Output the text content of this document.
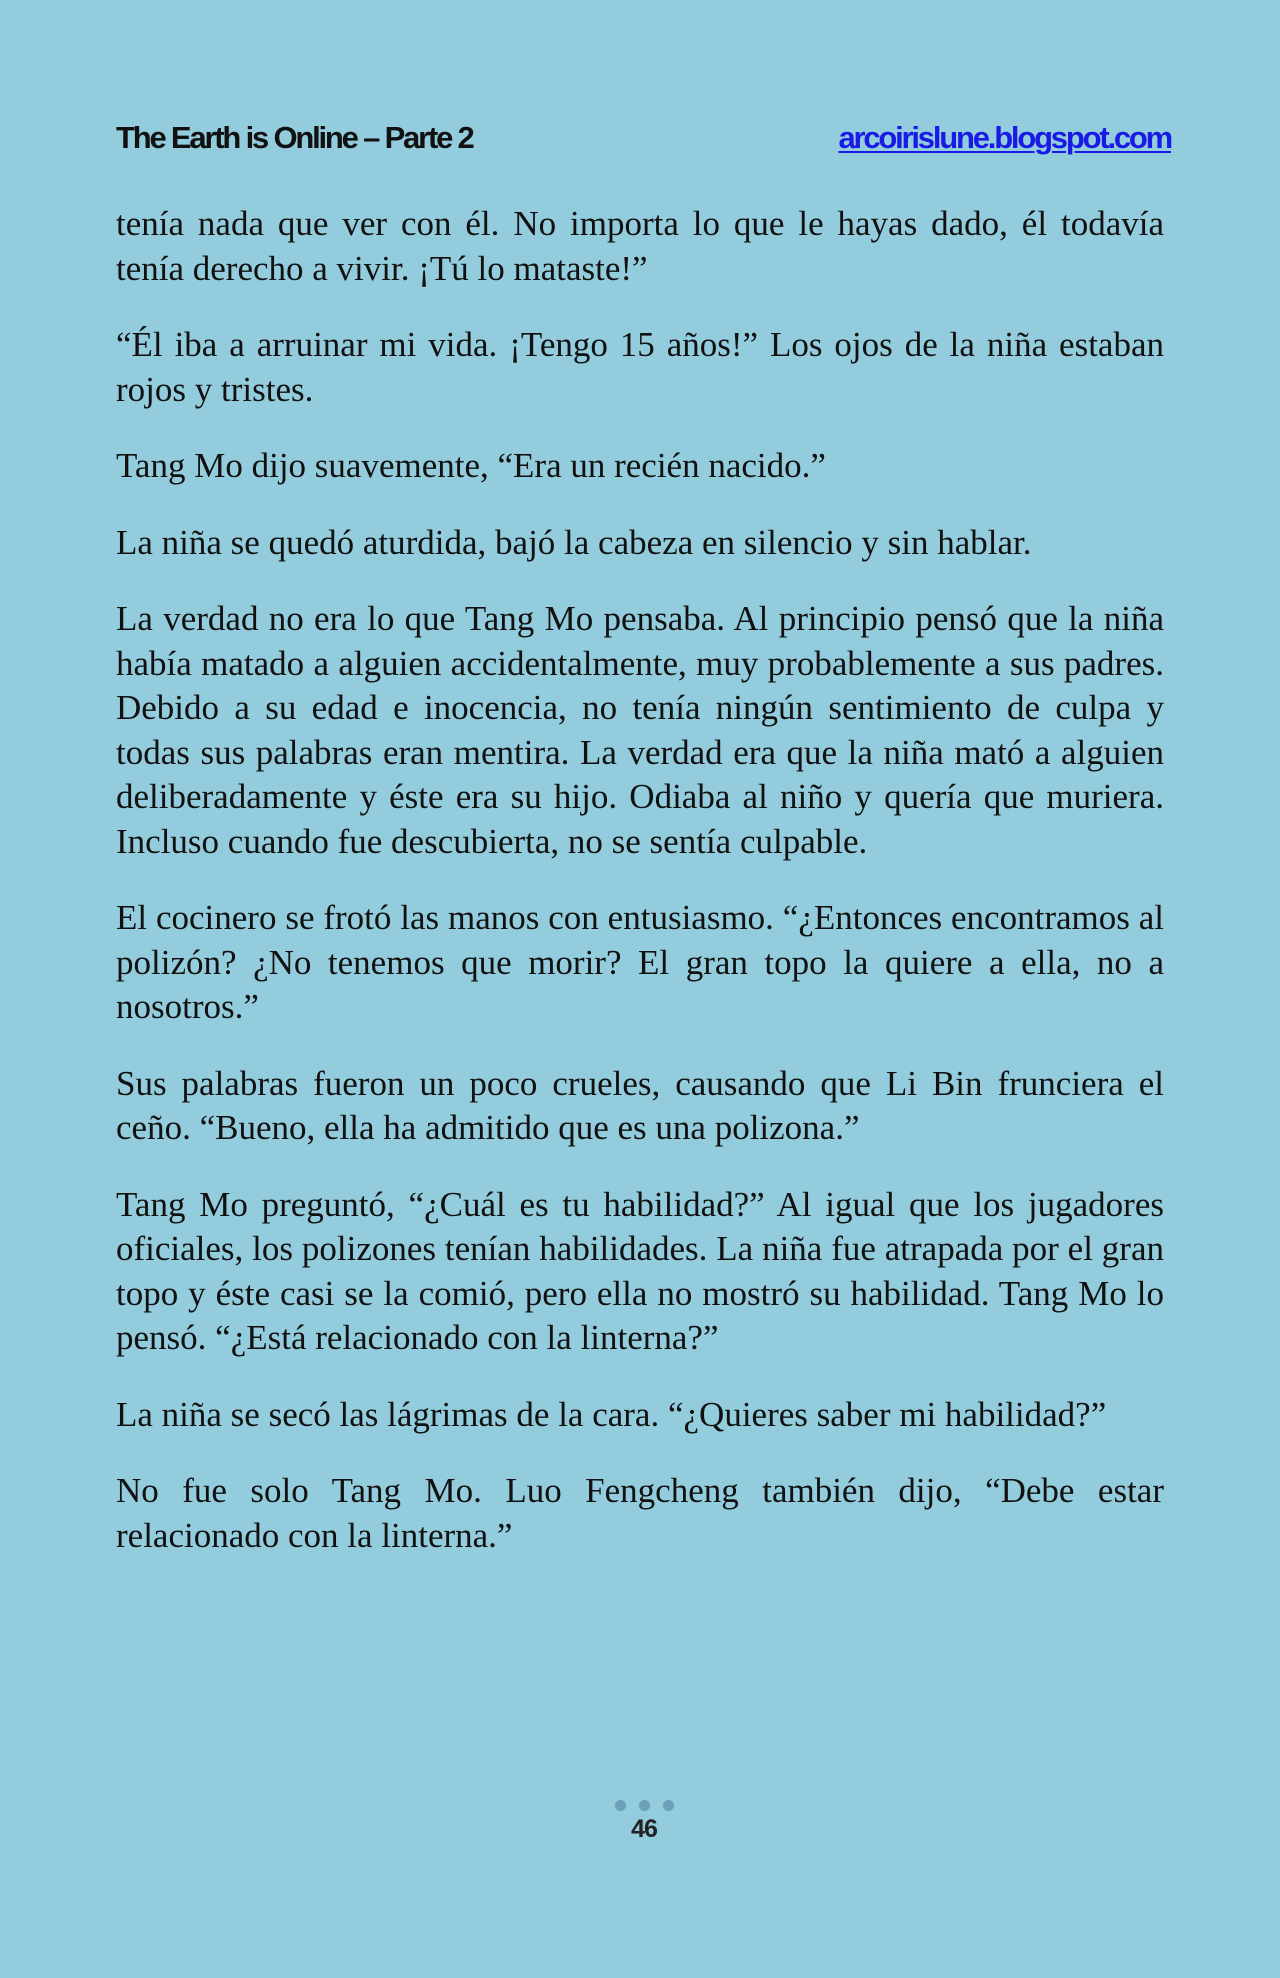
The Earth is Online – Parte 2	arcoirislune.blogspot.com

tenía nada que ver con él. No importa lo que le hayas dado, él todavía tenía derecho a vivir. ¡Tú lo mataste!”

“Él iba a arruinar mi vida. ¡Tengo 15 años!” Los ojos de la niña estaban rojos y tristes.

Tang Mo dijo suavemente, “Era un recién nacido.”

La niña se quedó aturdida, bajó la cabeza en silencio y sin hablar.

La verdad no era lo que Tang Mo pensaba. Al principio pensó que la niña había matado a alguien accidentalmente, muy probablemente a sus padres. Debido a su edad e inocencia, no tenía ningún sentimiento de culpa y todas sus palabras eran mentira. La verdad era que la niña mató a alguien deliberadamente y éste era su hijo. Odiaba al niño y quería que muriera. Incluso cuando fue descubierta, no se sentía culpable.

El cocinero se frotó las manos con entusiasmo. “¿Entonces encontramos al polizón? ¿No tenemos que morir? El gran topo la quiere a ella, no a nosotros.”

Sus palabras fueron un poco crueles, causando que Li Bin frunciera el ceño. “Bueno, ella ha admitido que es una polizona.”

Tang Mo preguntó, “¿Cuál es tu habilidad?” Al igual que los jugadores oficiales, los polizones tenían habilidades. La niña fue atrapada por el gran topo y éste casi se la comió, pero ella no mostró su habilidad. Tang Mo lo pensó. “¿Está relacionado con la linterna?”

La niña se secó las lágrimas de la cara. “¿Quieres saber mi habilidad?”

No fue solo Tang Mo. Luo Fengcheng también dijo, “Debe estar relacionado con la linterna.”

46
